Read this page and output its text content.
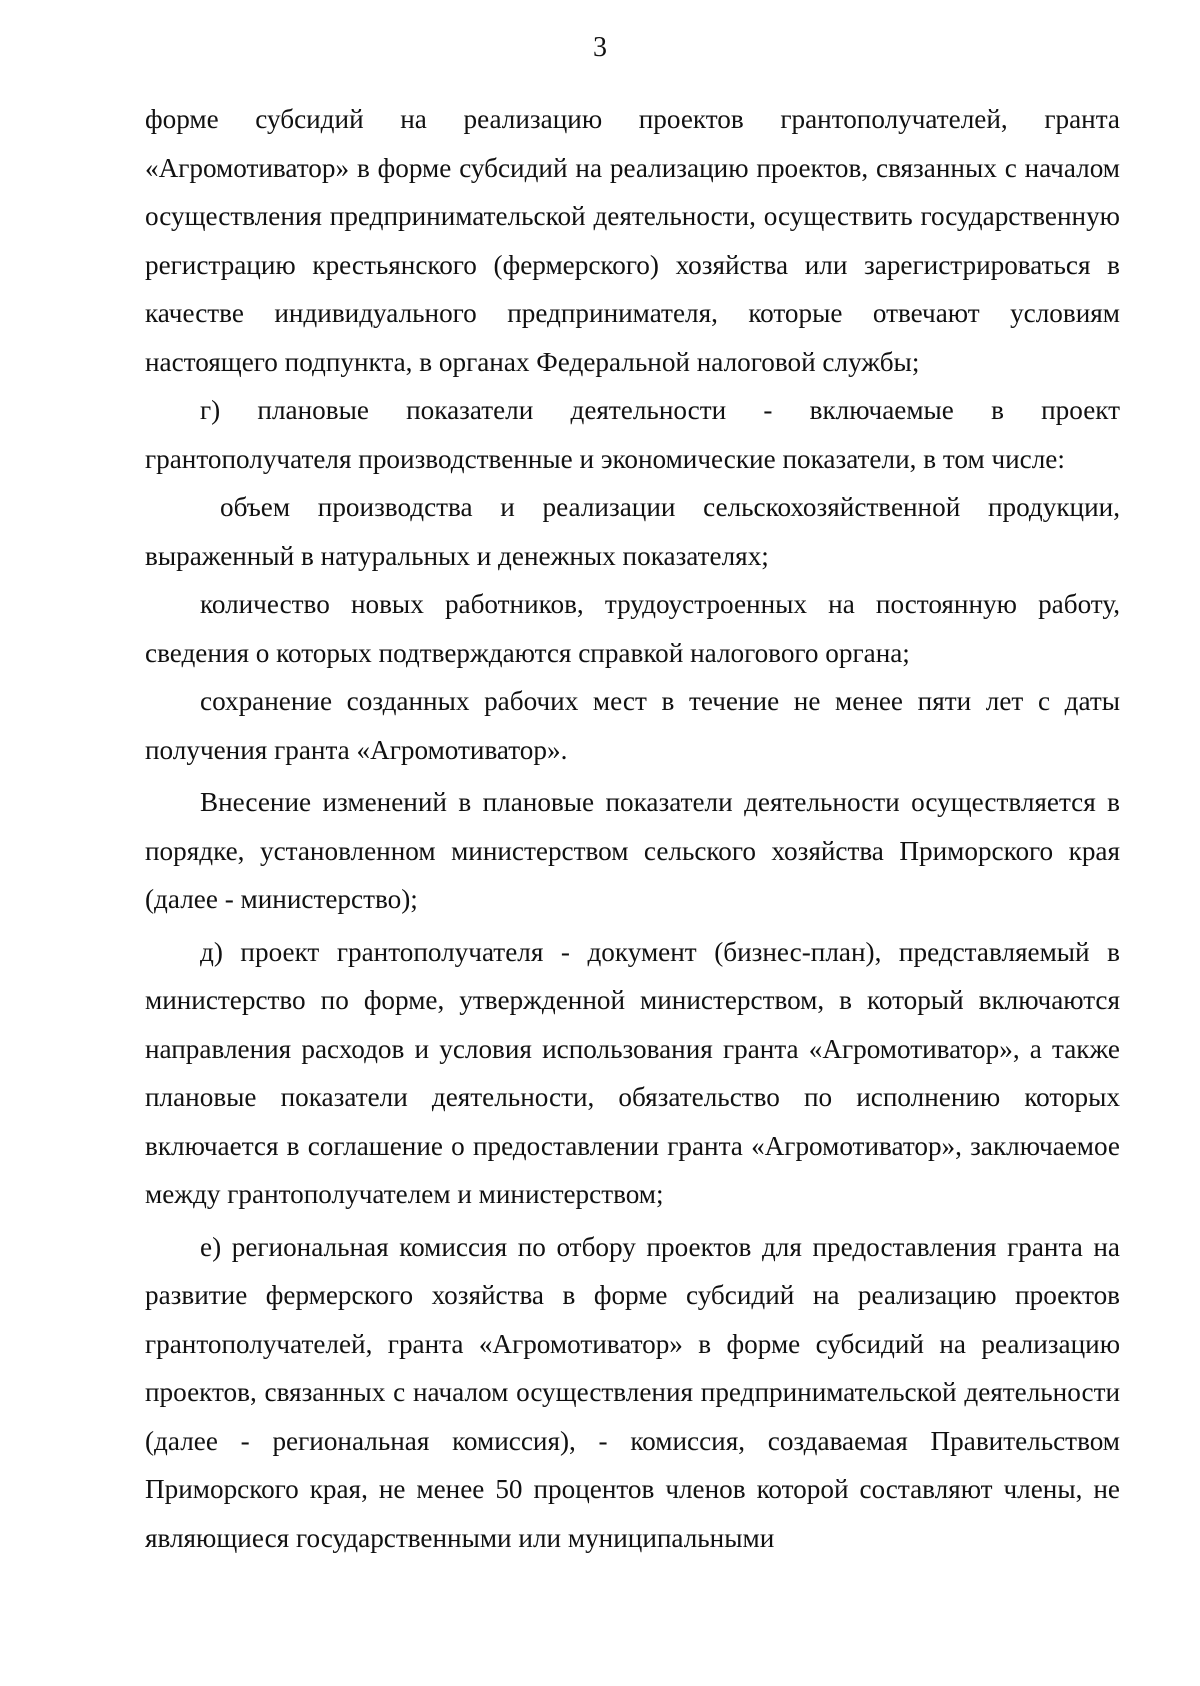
3

форме субсидий на реализацию проектов грантополучателей, гранта «Агромотиватор» в форме субсидий на реализацию проектов, связанных с началом осуществления предпринимательской деятельности, осуществить государственную регистрацию крестьянского (фермерского) хозяйства или зарегистрироваться в качестве индивидуального предпринимателя, которые отвечают условиям настоящего подпункта, в органах Федеральной налоговой службы;

г) плановые показатели деятельности - включаемые в проект грантополучателя производственные и экономические показатели, в том числе:

объем производства и реализации сельскохозяйственной продукции, выраженный в натуральных и денежных показателях;

количество новых работников, трудоустроенных на постоянную работу, сведения о которых подтверждаются справкой налогового органа;

сохранение созданных рабочих мест в течение не менее пяти лет с даты получения гранта «Агромотиватор».

Внесение изменений в плановые показатели деятельности осуществляется в порядке, установленном министерством сельского хозяйства Приморского края (далее - министерство);

д) проект грантополучателя - документ (бизнес-план), представляемый в министерство по форме, утвержденной министерством, в который включаются направления расходов и условия использования гранта «Агромотиватор», а также плановые показатели деятельности, обязательство по исполнению которых включается в соглашение о предоставлении гранта «Агромотиватор», заключаемое между грантополучателем и министерством;

е) региональная комиссия по отбору проектов для предоставления гранта на развитие фермерского хозяйства в форме субсидий на реализацию проектов грантополучателей, гранта «Агромотиватор» в форме субсидий на реализацию проектов, связанных с началом осуществления предпринимательской деятельности (далее - региональная комиссия), - комиссия, создаваемая Правительством Приморского края, не менее 50 процентов членов которой составляют члены, не являющиеся государственными или муниципальными
